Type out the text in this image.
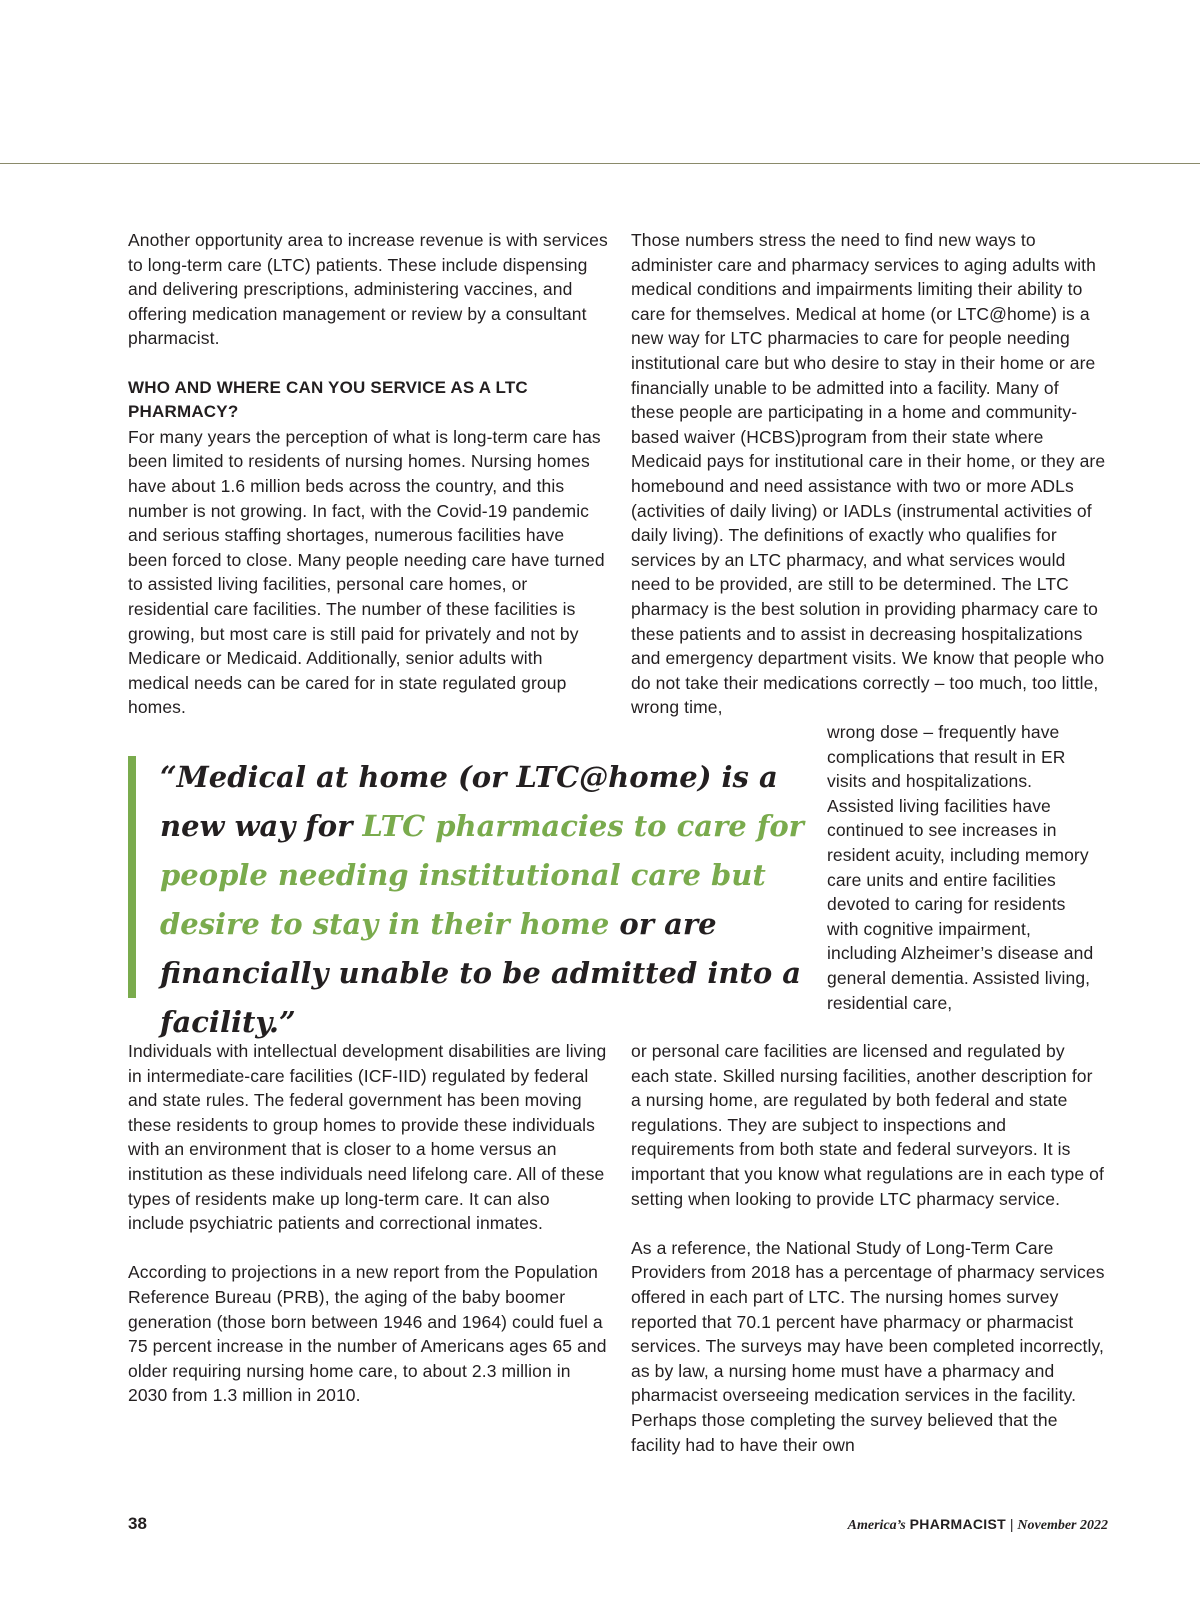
Another opportunity area to increase revenue is with services to long-term care (LTC) patients. These include dispensing and delivering prescriptions, administering vaccines, and offering medication management or review by a consultant pharmacist.

WHO AND WHERE CAN YOU SERVICE AS A LTC PHARMACY?

For many years the perception of what is long-term care has been limited to residents of nursing homes. Nursing homes have about 1.6 million beds across the country, and this number is not growing. In fact, with the Covid-19 pandemic and serious staffing shortages, numerous facilities have been forced to close. Many people needing care have turned to assisted living facilities, personal care homes, or residential care facilities. The number of these facilities is growing, but most care is still paid for privately and not by Medicare or Medicaid. Additionally, senior adults with medical needs can be cared for in state regulated group homes.

Those numbers stress the need to find new ways to administer care and pharmacy services to aging adults with medical conditions and impairments limiting their ability to care for themselves. Medical at home (or LTC@home) is a new way for LTC pharmacies to care for people needing institutional care but who desire to stay in their home or are financially unable to be admitted into a facility. Many of these people are participating in a home and community-based waiver (HCBS)program from their state where Medicaid pays for institutional care in their home, or they are homebound and need assistance with two or more ADLs (activities of daily living) or IADLs (instrumental activities of daily living). The definitions of exactly who qualifies for services by an LTC pharmacy, and what services would need to be provided, are still to be determined. The LTC pharmacy is the best solution in providing pharmacy care to these patients and to assist in decreasing hospitalizations and emergency department visits. We know that people who do not take their medications correctly – too much, too little, wrong time,

wrong dose – frequently have complications that result in ER visits and hospitalizations.

Assisted living facilities have continued to see increases in resident acuity, including memory care units and entire facilities devoted to caring for residents with cognitive impairment, including Alzheimer’s disease and general dementia. Assisted living, residential care,

“Medical at home (or LTC@home) is a new way for LTC pharmacies to care for people needing institutional care but desire to stay in their home or are financially unable to be admitted into a facility.”

Individuals with intellectual development disabilities are living in intermediate-care facilities (ICF-IID) regulated by federal and state rules. The federal government has been moving these residents to group homes to provide these individuals with an environment that is closer to a home versus an institution as these individuals need lifelong care. All of these types of residents make up long-term care. It can also include psychiatric patients and correctional inmates.

According to projections in a new report from the Population Reference Bureau (PRB), the aging of the baby boomer generation (those born between 1946 and 1964) could fuel a 75 percent increase in the number of Americans ages 65 and older requiring nursing home care, to about 2.3 million in 2030 from 1.3 million in 2010.

or personal care facilities are licensed and regulated by each state. Skilled nursing facilities, another description for a nursing home, are regulated by both federal and state regulations. They are subject to inspections and requirements from both state and federal surveyors. It is important that you know what regulations are in each type of setting when looking to provide LTC pharmacy service.

As a reference, the National Study of Long-Term Care Providers from 2018 has a percentage of pharmacy services offered in each part of LTC. The nursing homes survey reported that 70.1 percent have pharmacy or pharmacist services. The surveys may have been completed incorrectly, as by law, a nursing home must have a pharmacy and pharmacist overseeing medication services in the facility. Perhaps those completing the survey believed that the facility had to have their own

38	America’s PHARMACIST | November 2022
